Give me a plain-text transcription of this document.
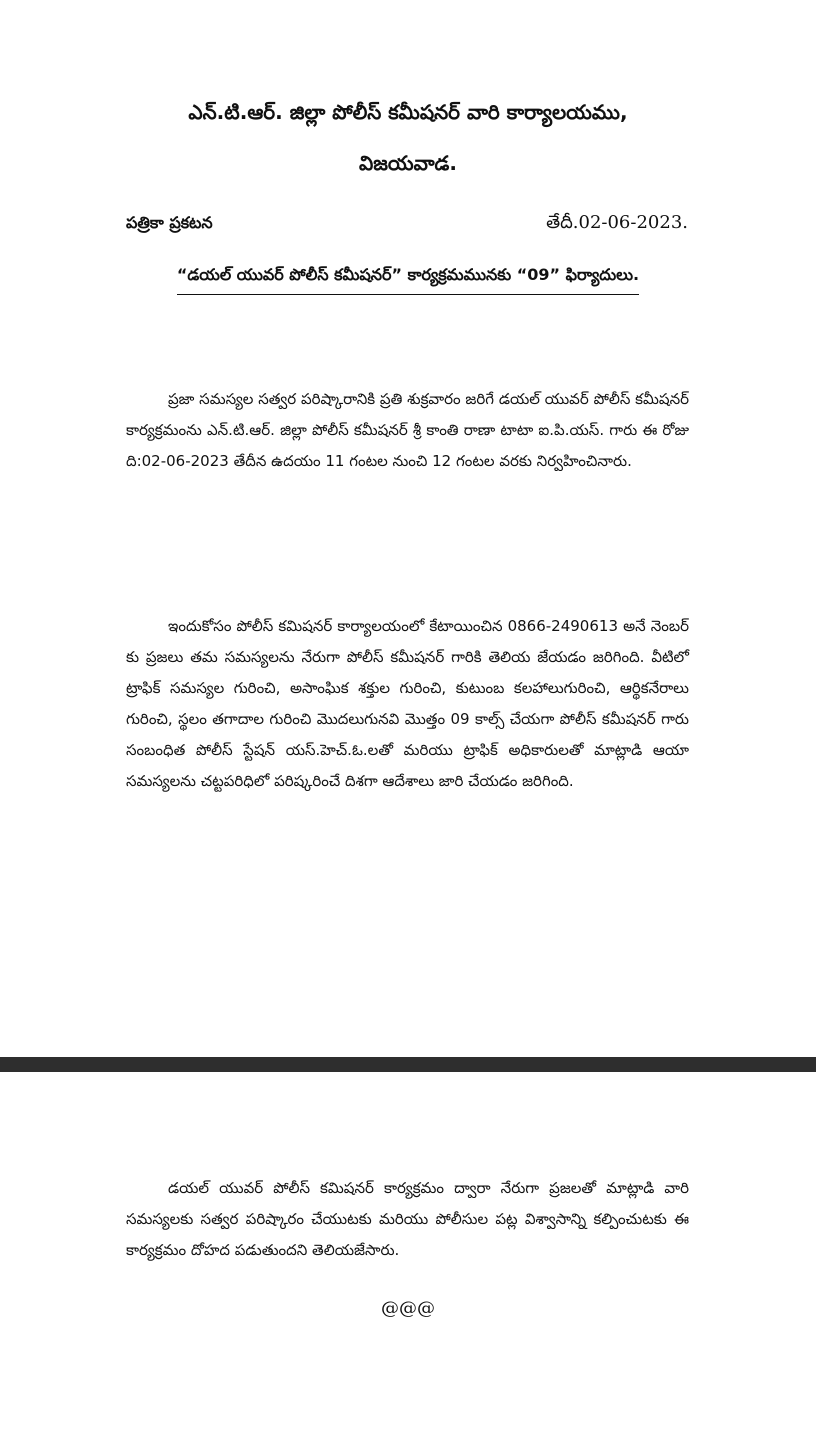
ఎన్.టి.ఆర్. జిల్లా పోలీస్ కమీషనర్ వారి కార్యాలయము,
విజయవాడ.
పత్రికా ప్రకటన	తేదీ.02-06-2023.
“డయల్ యువర్ పోలీస్ కమీషనర్” కార్యక్రమమునకు “09” ఫిర్యాదులు.

ప్రజా సమస్యల సత్వర పరిష్కారానికి ప్రతి శుక్రవారం జరిగే డయల్ యువర్ పోలీస్ కమీషనర్ కార్యక్రమంను ఎన్.టి.ఆర్. జిల్లా పోలీస్ కమీషనర్ శ్రీ కాంతి రాణా టాటా ఐ.పి.యస్. గారు ఈ రోజు ది:02-06-2023 తేదీన ఉదయం 11 గంటల నుంచి 12 గంటల వరకు నిర్వహించినారు.

ఇందుకోసం పోలీస్ కమిషనర్ కార్యాలయంలో కేటాయించిన 0866-2490613 అనే నెంబర్ కు ప్రజలు తమ సమస్యలను నేరుగా పోలీస్ కమీషనర్ గారికి తెలియ జేయడం జరిగింది. వీటిలో ట్రాఫిక్ సమస్యల గురించి, అసాంఘిక శక్తుల గురించి, కుటుంబ కలహాలుగురించి, ఆర్థికనేరాలు గురించి, స్థలం తగాదాల గురించి మొదలుగునవి మొత్తం 09 కాల్స్ చేయగా పోలీస్ కమీషనర్ గారు సంబంధిత పోలీస్ స్టేషన్ యస్.హెచ్.ఓ.లతో మరియు ట్రాఫిక్ అధికారులతో మాట్లాడి ఆయా సమస్యలను చట్టపరిధిలో పరిష్కరించే దిశగా ఆదేశాలు జారి చేయడం జరిగింది.

డయల్ యువర్ పోలీస్ కమిషనర్ కార్యక్రమం ద్వారా నేరుగా ప్రజలతో మాట్లాడి వారి సమస్యలకు సత్వర పరిష్కారం చేయుటకు మరియు పోలీసుల పట్ల విశ్వాసాన్ని కల్పించుటకు ఈ కార్యక్రమం దోహద పడుతుందని తెలియజేసారు.

@@@
